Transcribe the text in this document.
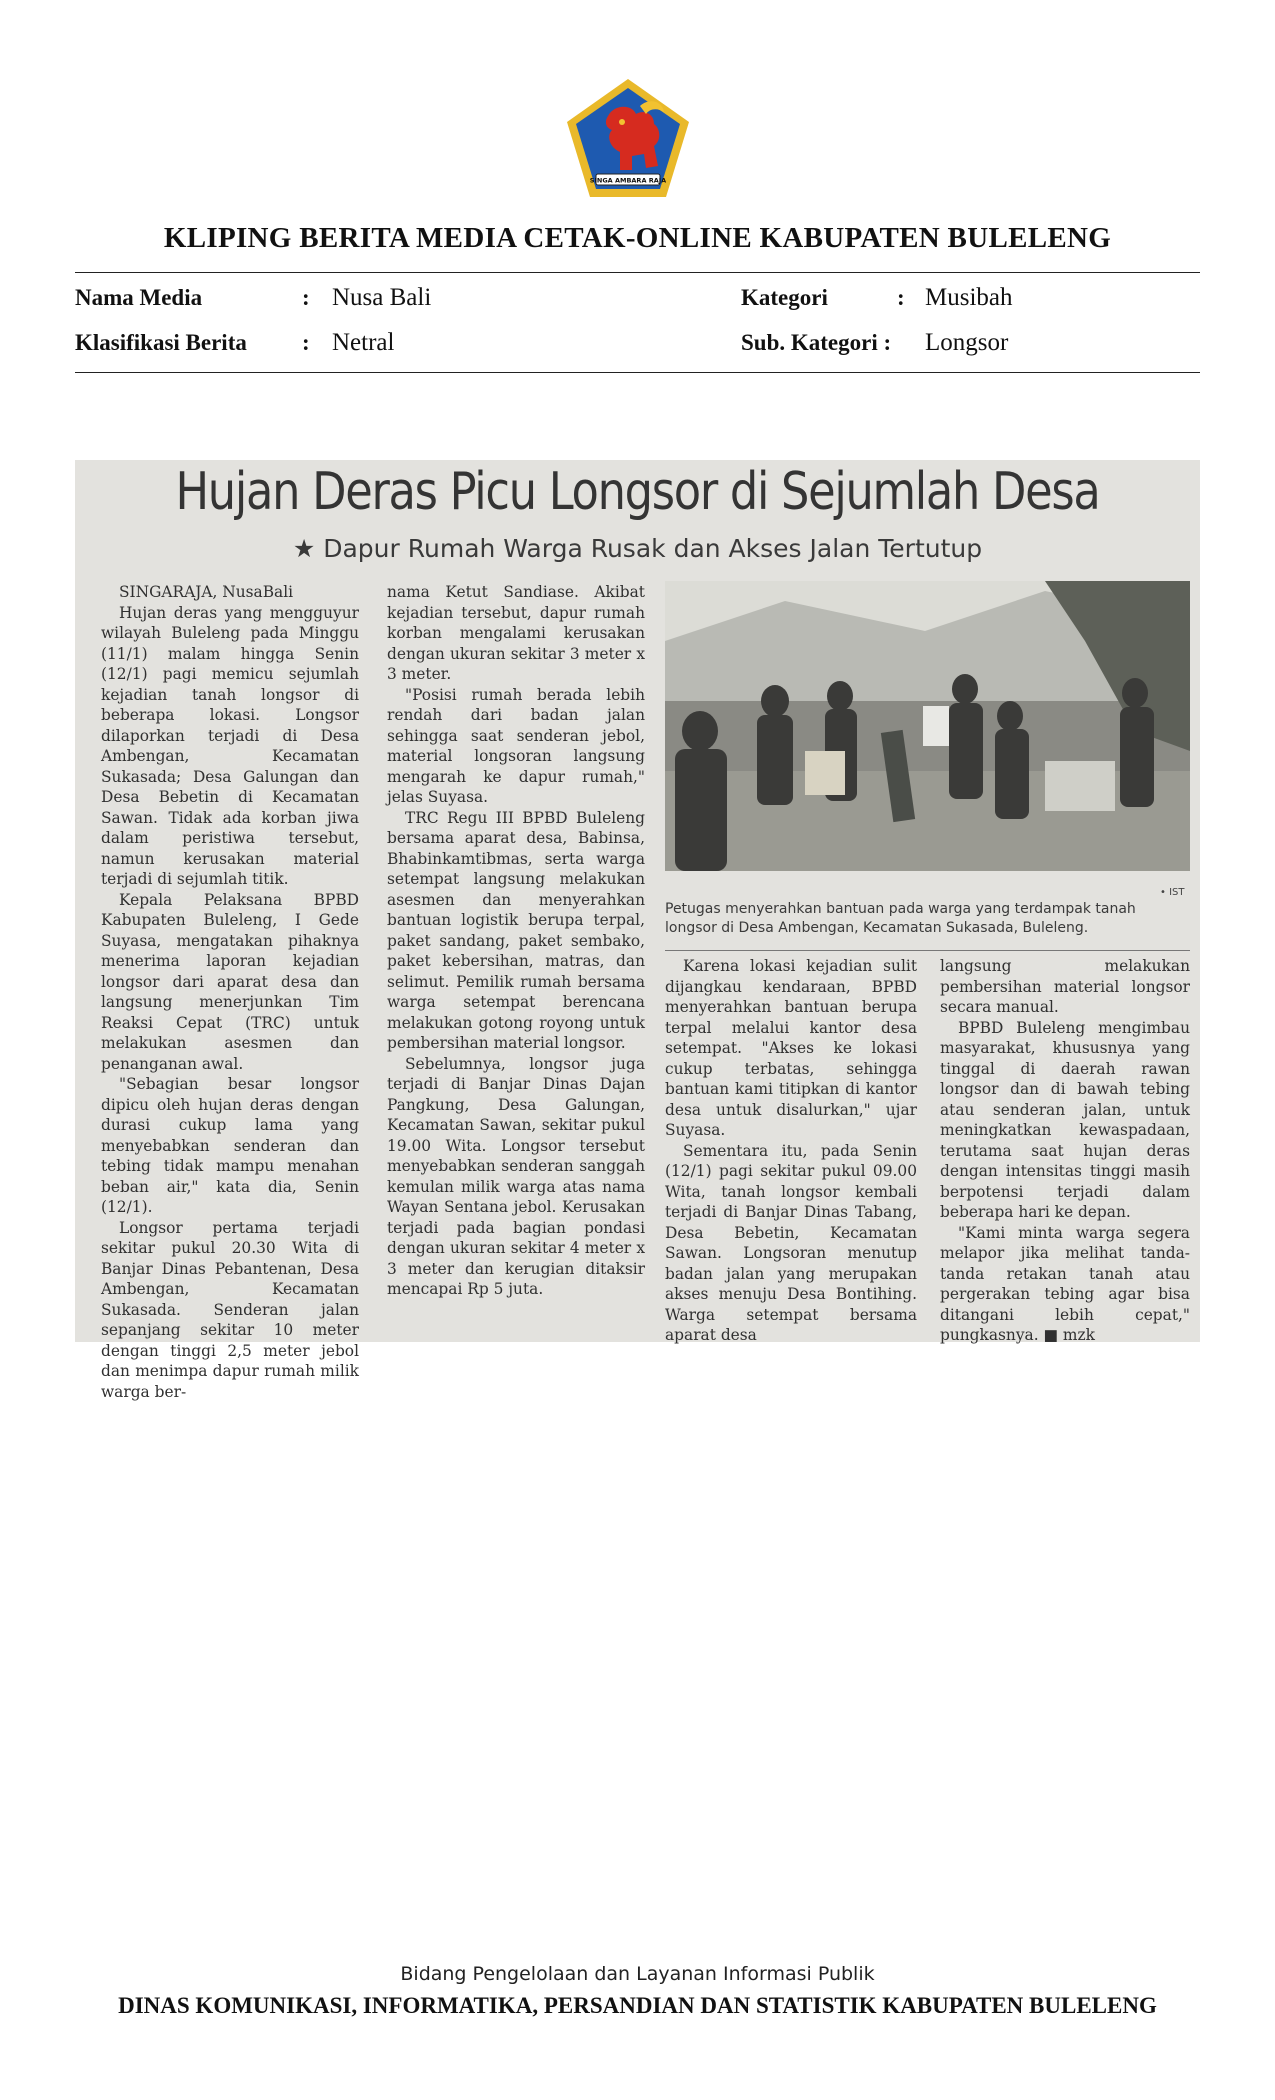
SINGA AMBARA RAJA
KLIPING BERITA MEDIA CETAK-ONLINE KABUPATEN BULELENG
Nama Media	: Nusa Bali
Klasifikasi Berita : Netral
Kategori	: Musibah
Sub. Kategori : Longsor
Hujan Deras Picu Longsor di Sejumlah Desa
★ Dapur Rumah Warga Rusak dan Akses Jalan Tertutup

SINGARAJA, NusaBali

Hujan deras yang mengguyur wilayah Buleleng pada Minggu (11/1) malam hingga Senin (12/1) pagi memicu sejumlah kejadian tanah longsor di beberapa lokasi. Longsor dilaporkan terjadi di Desa Ambengan, Kecamatan Sukasada; Desa Galungan dan Desa Bebetin di Kecamatan Sawan. Tidak ada korban jiwa dalam peristiwa tersebut, namun kerusakan material terjadi di sejumlah titik.

Kepala Pelaksana BPBD Kabupaten Buleleng, I Gede Suyasa, mengatakan pihaknya menerima laporan kejadian longsor dari aparat desa dan langsung menerjunkan Tim Reaksi Cepat (TRC) untuk melakukan asesmen dan penanganan awal.

"Sebagian besar longsor dipicu oleh hujan deras dengan durasi cukup lama yang menyebabkan senderan dan tebing tidak mampu menahan beban air," kata dia, Senin (12/1).

Longsor pertama terjadi sekitar pukul 20.30 Wita di Banjar Dinas Pebantenan, Desa Ambengan, Kecamatan Sukasada. Senderan jalan sepanjang sekitar 10 meter dengan tinggi 2,5 meter jebol dan menimpa dapur rumah milik warga ber-

nama Ketut Sandiase. Akibat kejadian tersebut, dapur rumah korban mengalami kerusakan dengan ukuran sekitar 3 meter x 3 meter.

"Posisi rumah berada lebih rendah dari badan jalan sehingga saat senderan jebol, material longsoran langsung mengarah ke dapur rumah," jelas Suyasa.

TRC Regu III BPBD Buleleng bersama aparat desa, Babinsa, Bhabinkamtibmas, serta warga setempat langsung melakukan asesmen dan menyerahkan bantuan logistik berupa terpal, paket sandang, paket sembako, paket kebersihan, matras, dan selimut. Pemilik rumah bersama warga setempat berencana melakukan gotong royong untuk pembersihan material longsor.

Sebelumnya, longsor juga terjadi di Banjar Dinas Dajan Pangkung, Desa Galungan, Kecamatan Sawan, sekitar pukul 19.00 Wita. Longsor tersebut menyebabkan senderan sanggah kemulan milik warga atas nama Wayan Sentana jebol. Kerusakan terjadi pada bagian pondasi dengan ukuran sekitar 4 meter x 3 meter dan kerugian ditaksir mencapai Rp 5 juta.

• IST
Petugas menyerahkan bantuan pada warga yang terdampak tanah longsor di Desa Ambengan, Kecamatan Sukasada, Buleleng.

Karena lokasi kejadian sulit dijangkau kendaraan, BPBD menyerahkan bantuan berupa terpal melalui kantor desa setempat. "Akses ke lokasi cukup terbatas, sehingga bantuan kami titipkan di kantor desa untuk disalurkan," ujar Suyasa.

Sementara itu, pada Senin (12/1) pagi sekitar pukul 09.00 Wita, tanah longsor kembali terjadi di Banjar Dinas Tabang, Desa Bebetin, Kecamatan Sawan. Longsoran menutup badan jalan yang merupakan akses menuju Desa Bontihing. Warga setempat bersama aparat desa

langsung melakukan pembersihan material longsor secara manual.

BPBD Buleleng mengimbau masyarakat, khususnya yang tinggal di daerah rawan longsor dan di bawah tebing atau senderan jalan, untuk meningkatkan kewaspadaan, terutama saat hujan deras dengan intensitas tinggi masih berpotensi terjadi dalam beberapa hari ke depan.

"Kami minta warga segera melapor jika melihat tanda-tanda retakan tanah atau pergerakan tebing agar bisa ditangani lebih cepat," pungkasnya. ■ mzk

Bidang Pengelolaan dan Layanan Informasi Publik
DINAS KOMUNIKASI, INFORMATIKA, PERSANDIAN DAN STATISTIK KABUPATEN BULELENG
